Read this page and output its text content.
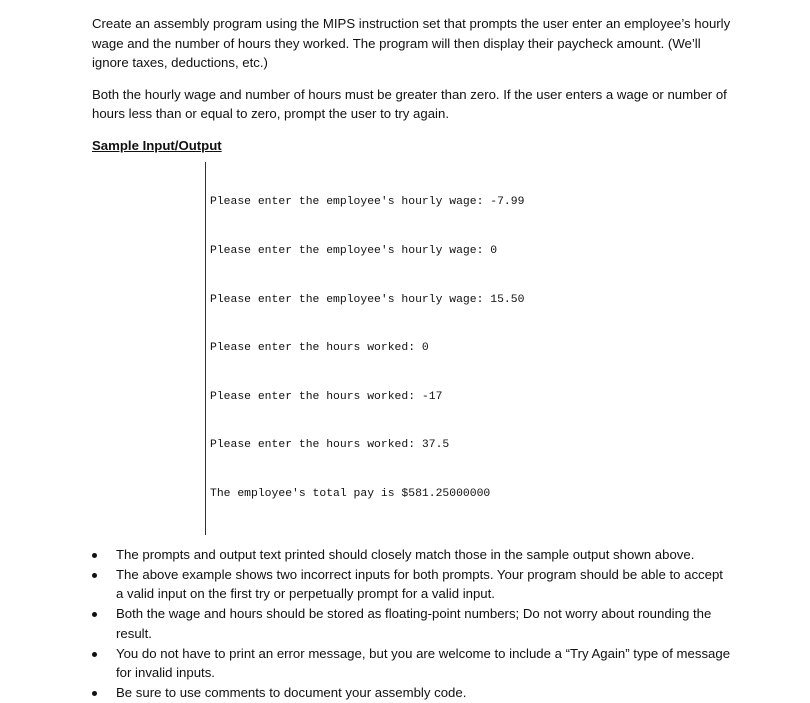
Create an assembly program using the MIPS instruction set that prompts the user enter an employee’s hourly wage and the number of hours they worked. The program will then display their paycheck amount. (We’ll ignore taxes, deductions, etc.)

Both the hourly wage and number of hours must be greater than zero. If the user enters a wage or number of hours less than or equal to zero, prompt the user to try again.

Sample Input/Output

Please enter the employee's hourly wage: -7.99

Please enter the employee's hourly wage: 0

Please enter the employee's hourly wage: 15.50

Please enter the hours worked: 0

Please enter the hours worked: -17

Please enter the hours worked: 37.5

The employee's total pay is $581.25000000

The prompts and output text printed should closely match those in the sample output shown above.
The above example shows two incorrect inputs for both prompts. Your program should be able to accept a valid input on the first try or perpetually prompt for a valid input.
Both the wage and hours should be stored as floating-point numbers; Do not worry about rounding the result.
You do not have to print an error message, but you are welcome to include a “Try Again” type of message for invalid inputs.
Be sure to use comments to document your assembly code.
